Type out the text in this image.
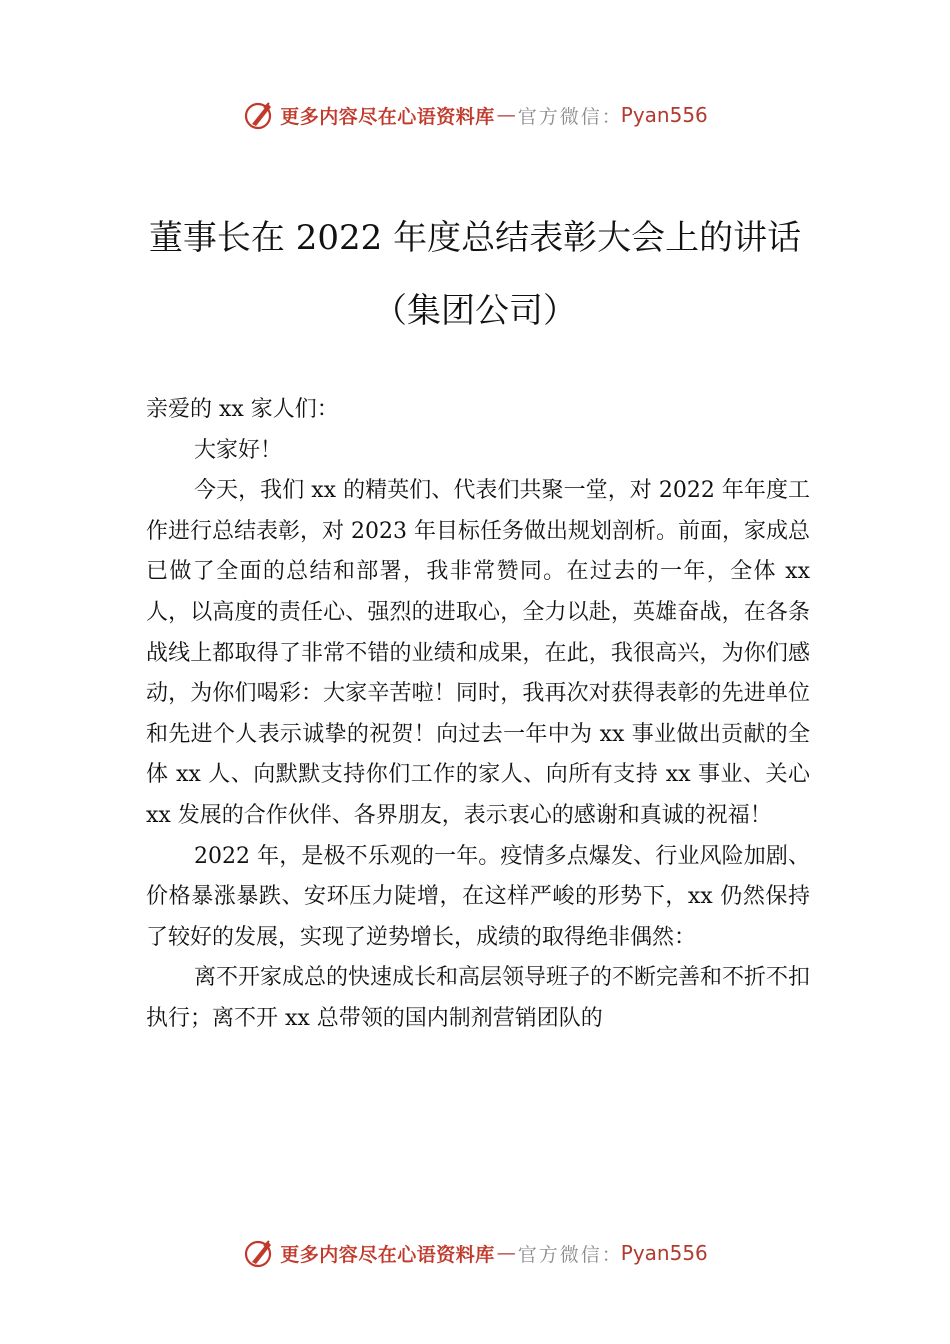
更多内容尽在心语资料库 — 官方微信 ： Pyan556
董事长在 2022 年度总结表彰大会上的讲话
（集团公司）

亲爱的 xx 家人们：

大家好！

今天，我们 xx 的精英们、代表们共聚一堂，对 2022 年年度工作进行总结表彰，对 2023 年目标任务做出规划剖析。前面，家成总已做了全面的总结和部署，我非常赞同。在过去的一年，全体 xx 人，以高度的责任心、强烈的进取心，全力以赴，英雄奋战，在各条战线上都取得了非常不错的业绩和成果，在此，我很高兴，为你们感动，为你们喝彩：大家辛苦啦！同时，我再次对获得表彰的先进单位和先进个人表示诚挚的祝贺！向过去一年中为 xx 事业做出贡献的全体 xx 人、向默默支持你们工作的家人、向所有支持 xx 事业、关心 xx 发展的合作伙伴、各界朋友，表示衷心的感谢和真诚的祝福！

2022 年，是极不乐观的一年。疫情多点爆发、行业风险加剧、价格暴涨暴跌、安环压力陡增，在这样严峻的形势下，xx 仍然保持了较好的发展，实现了逆势增长，成绩的取得绝非偶然：

离不开家成总的快速成长和高层领导班子的不断完善和不折不扣执行；离不开 xx 总带领的国内制剂营销团队的

更多内容尽在心语资料库 — 官方微信 ： Pyan556
